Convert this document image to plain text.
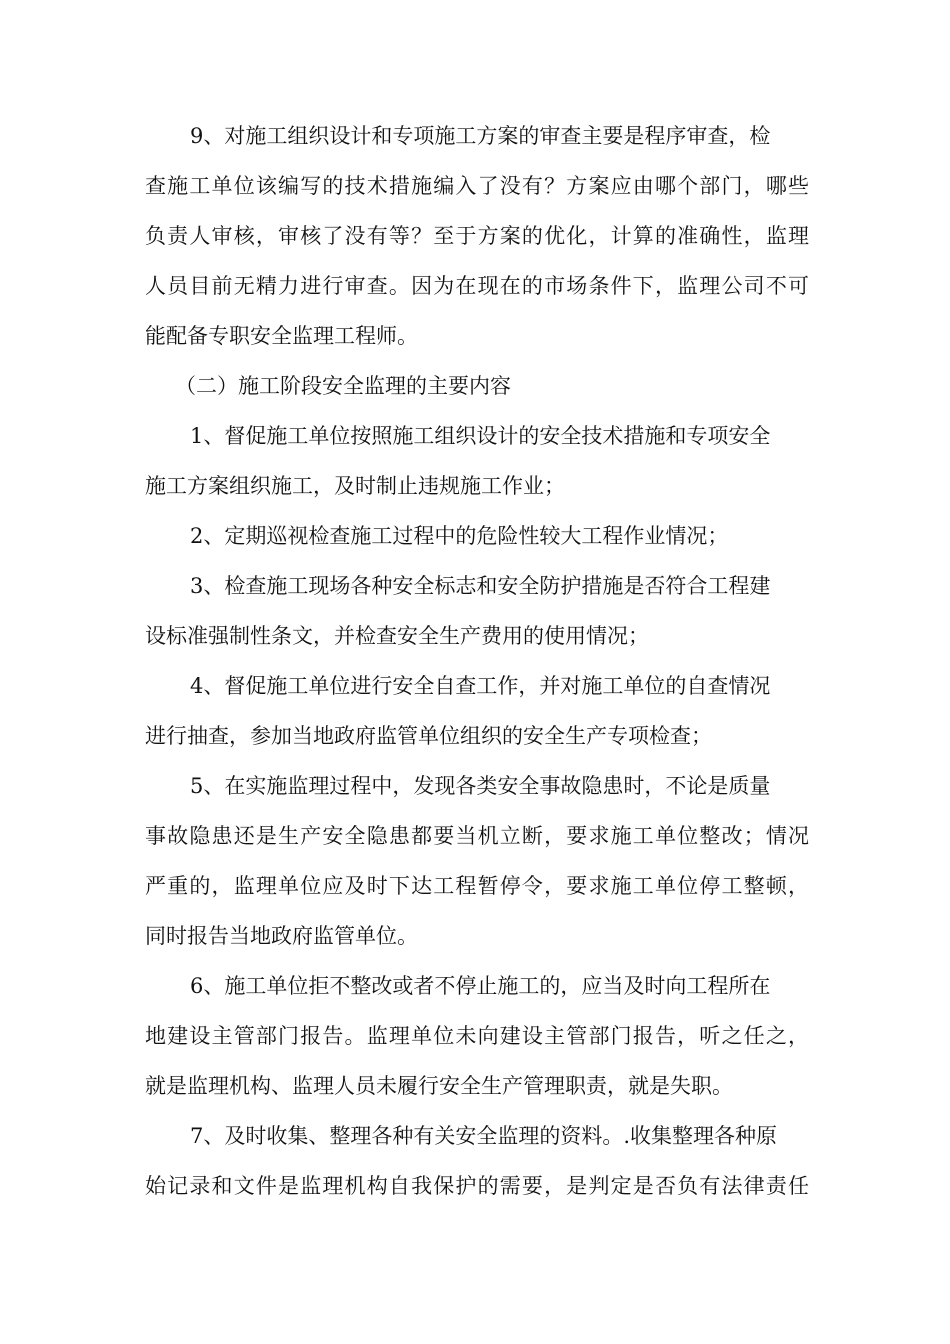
9、对施工组织设计和专项施工方案的审查主要是程序审查，检
查施工单位该编写的技术措施编入了没有？方案应由哪个部门，哪些
负责人审核，审核了没有等？至于方案的优化，计算的准确性，监理
人员目前无精力进行审查。因为在现在的市场条件下，监理公司不可
能配备专职安全监理工程师。
（二）施工阶段安全监理的主要内容
1、督促施工单位按照施工组织设计的安全技术措施和专项安全
施工方案组织施工，及时制止违规施工作业；
2、定期巡视检查施工过程中的危险性较大工程作业情况；
3、检查施工现场各种安全标志和安全防护措施是否符合工程建
设标准强制性条文，并检查安全生产费用的使用情况；
4、督促施工单位进行安全自查工作，并对施工单位的自查情况
进行抽查，参加当地政府监管单位组织的安全生产专项检查；
5、在实施监理过程中，发现各类安全事故隐患时，不论是质量
事故隐患还是生产安全隐患都要当机立断，要求施工单位整改；情况
严重的，监理单位应及时下达工程暂停令，要求施工单位停工整顿，
同时报告当地政府监管单位。
6、施工单位拒不整改或者不停止施工的，应当及时向工程所在
地建设主管部门报告。监理单位未向建设主管部门报告，听之任之，
就是监理机构、监理人员未履行安全生产管理职责，就是失职。
7、及时收集、整理各种有关安全监理的资料。.收集整理各种原
始记录和文件是监理机构自我保护的需要，是判定是否负有法律责任
